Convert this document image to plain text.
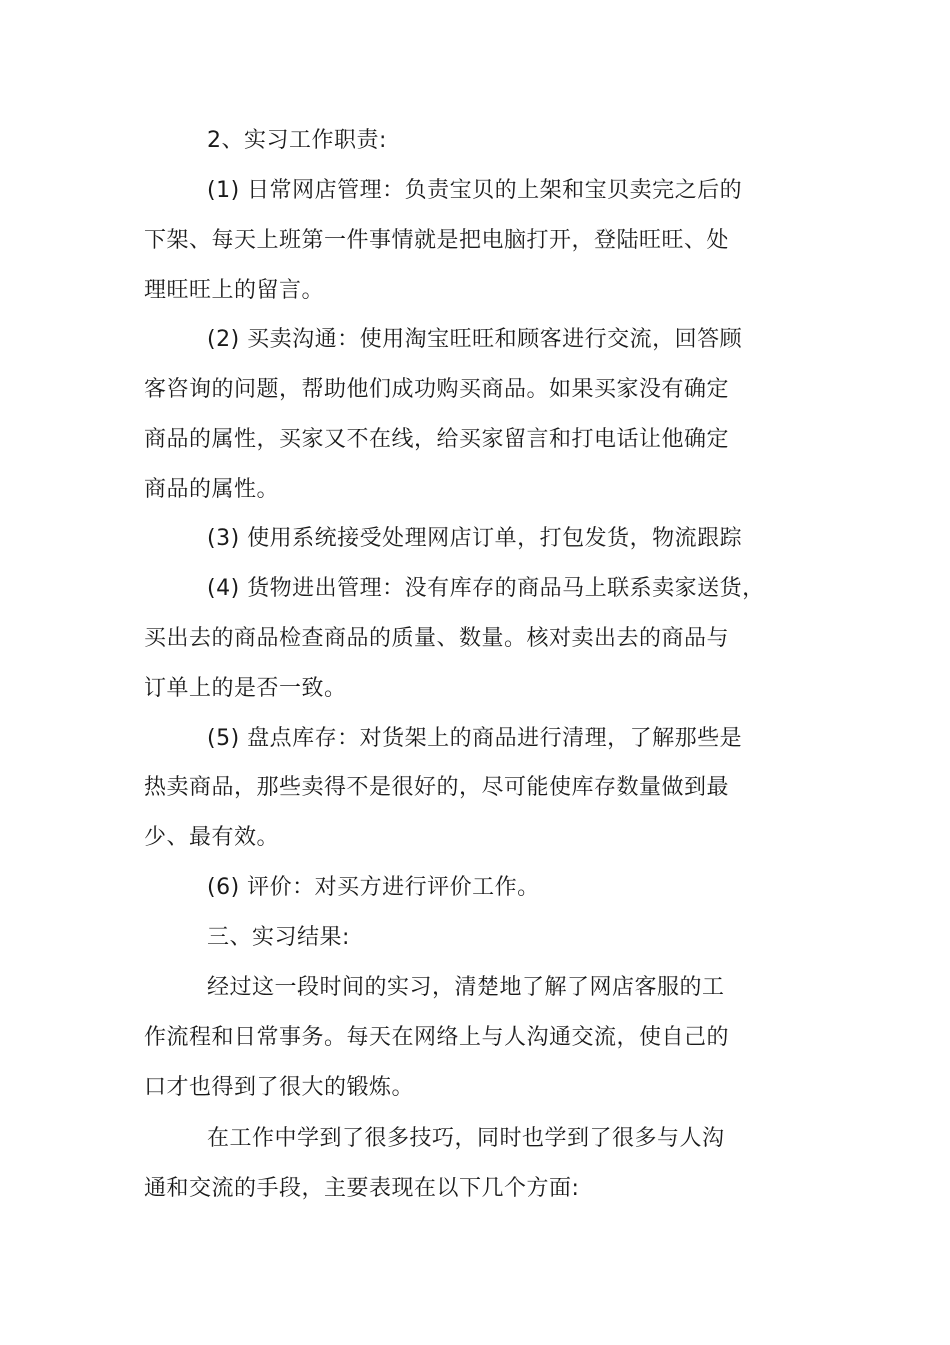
2、实习工作职责:
(1) 日常网店管理：负责宝贝的上架和宝贝卖完之后的
下架、每天上班第一件事情就是把电脑打开，登陆旺旺、处
理旺旺上的留言。
(2) 买卖沟通：使用淘宝旺旺和顾客进行交流，回答顾
客咨询的问题，帮助他们成功购买商品。如果买家没有确定
商品的属性，买家又不在线，给买家留言和打电话让他确定
商品的属性。
(3) 使用系统接受处理网店订单，打包发货，物流跟踪
(4) 货物进出管理：没有库存的商品马上联系卖家送货，
买出去的商品检查商品的质量、数量。核对卖出去的商品与
订单上的是否一致。
(5) 盘点库存：对货架上的商品进行清理，了解那些是
热卖商品，那些卖得不是很好的，尽可能使库存数量做到最
少、最有效。
(6) 评价：对买方进行评价工作。
三、实习结果:
经过这一段时间的实习，清楚地了解了网店客服的工
作流程和日常事务。每天在网络上与人沟通交流，使自己的
口才也得到了很大的锻炼。
在工作中学到了很多技巧，同时也学到了很多与人沟
通和交流的手段，主要表现在以下几个方面:
